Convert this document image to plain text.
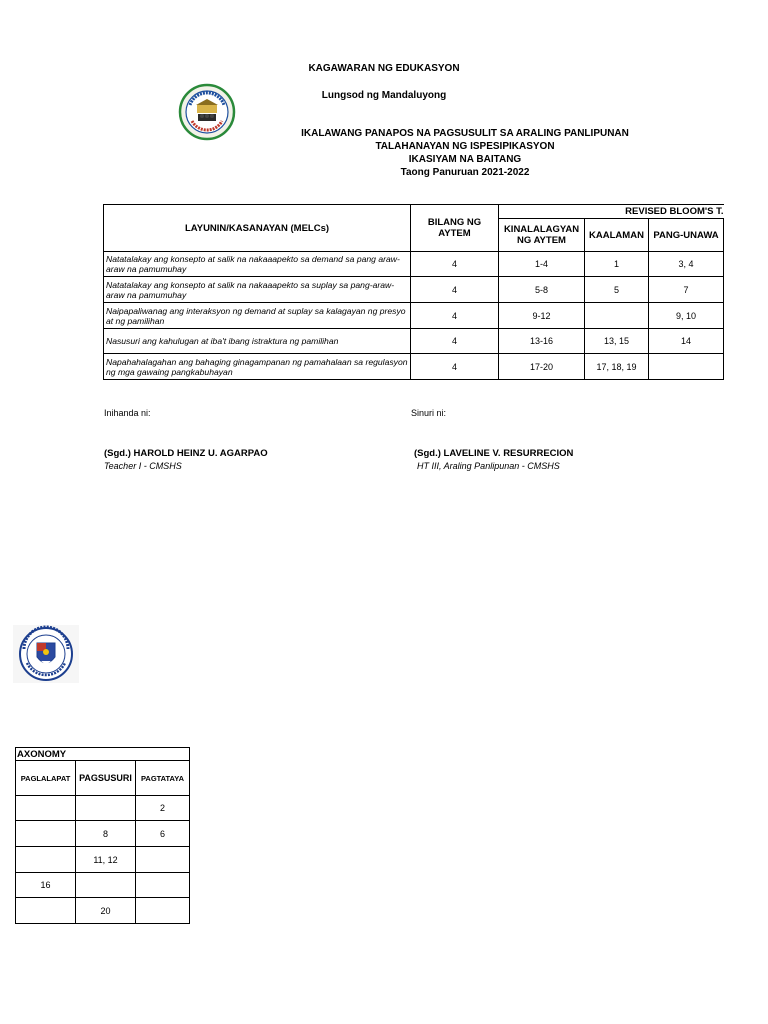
KAGAWARAN NG EDUKASYON
Lungsod ng Mandaluyong
IKALAWANG PANAPOS NA PAGSUSULIT SA ARALING PANLIPUNAN
TALAHANAYAN NG ISPESIPIKASYON
IKASIYAM NA BAITANG
Taong Panuruan 2021-2022
LAYUNIN/KASANAYAN (MELCs)	BILANG NG AYTEM	REVISED BLOOM'S T.		
		KINALALAGYAN NG AYTEM	KAALAMAN	PANG-UNAWA
Natatalakay ang konsepto at salik na nakaaapekto sa demand sa pang araw-araw na pamumuhay	4	1-4	1	3, 4
Natatalakay ang konsepto at salik na nakaaapekto sa suplay sa pang-araw-araw na pamumuhay	4	5-8	5	7
Naipapaliwanag ang interaksyon ng demand at suplay sa kalagayan ng presyo at ng pamilihan	4	9-12		9, 10
Nasusuri ang kahulugan at iba't ibang istraktura ng pamilihan	4	13-16	13, 15	14
Napahahalagahan ang bahaging ginagampanan ng pamahalaan sa regulasyon ng mga gawaing pangkabuhayan	4	17-20	17, 18, 19	
Inihanda ni:	Sinuri ni:
(Sgd.) HAROLD HEINZ U. AGARPAO
Teacher I - CMSHS
(Sgd.) LAVELINE V. RESURRECION
HT III, Araling Panlipunan - CMSHS
AXONOMY		
PAGLALAPAT	PAGSUSURI	PAGTATAYA
		2
	8	6
	11, 12	
16		
	20	
